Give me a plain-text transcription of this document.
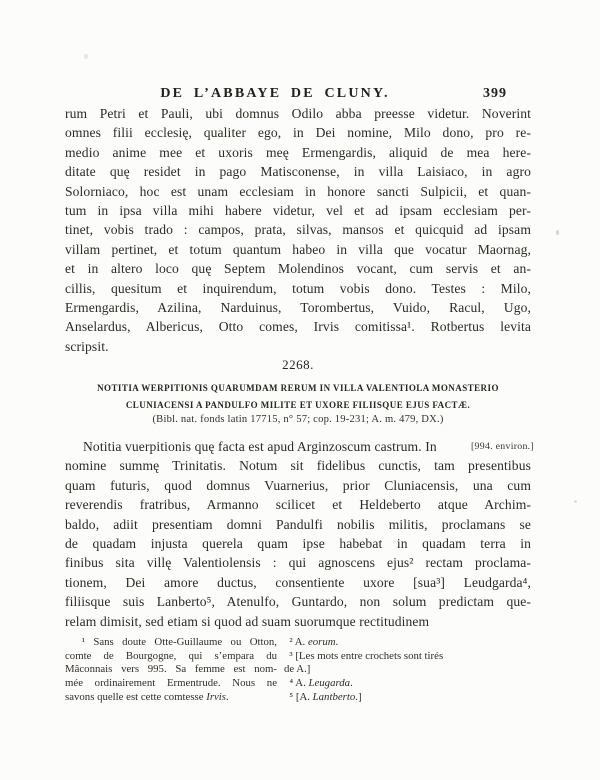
DE L’ABBAYE DE CLUNY.	399
rum Petri et Pauli, ubi domnus Odilo abba preesse videtur. Noverint
omnes filii ecclesię, qualiter ego, in Dei nomine, Milo dono, pro re-
medio anime mee et uxoris meę Ermengardis, aliquid de mea here-
ditate quę residet in pago Matisconense, in villa Laisiaco, in agro
Solorniaco, hoc est unam ecclesiam in honore sancti Sulpicii, et quan-
tum in ipsa villa mihi habere videtur, vel et ad ipsam ecclesiam per-
tinet, vobis trado : campos, prata, silvas, mansos et quicquid ad ipsam
villam pertinet, et totum quantum habeo in villa que vocatur Maornag,
et in altero loco quę Septem Molendinos vocant, cum servis et an-
cillis, quesitum et inquirendum, totum vobis dono. Testes : Milo,
Ermengardis, Azilina, Narduinus, Torombertus, Vuido, Racul, Ugo,
Anselardus, Albericus, Otto comes, Irvis comitissa¹. Rotbertus levita
scripsit.
2268.
NOTITIA WERPITIONIS QUARUMDAM RERUM IN VILLA VALENTIOLA MONASTERIO
CLUNIACENSI A PANDULFO MILITE ET UXORE FILIISQUE EJUS FACTÆ.
(Bibl. nat. fonds latin 17715, n° 57; cop. 19-231; A. m. 479, DX.)
[994. environ.]
Notitia vuerpitionis quę facta est apud Arginzoscum castrum. In
nomine summę Trinitatis. Notum sit fidelibus cunctis, tam presentibus
quam futuris, quod domnus Vuarnerius, prior Cluniacensis, una cum
reverendis fratribus, Armanno scilicet et Heldeberto atque Archim-
baldo, adiit presentiam domni Pandulfi nobilis militis, proclamans se
de quadam injusta querela quam ipse habebat in quadam terra in
finibus sita villę Valentiolensis : qui agnoscens ejus² rectam proclama-
tionem, Dei amore ductus, consentiente uxore [sua³] Leudgarda⁴,
filiisque suis Lanberto⁵, Atenulfo, Guntardo, non solum predictam que-
relam dimisit, sed etiam si quod ad suam suorumque rectitudinem
¹ Sans doute Otte-Guillaume ou Otton,
comte de Bourgogne, qui s’empara du
Mâconnais vers 995. Sa femme est nom-
mée ordinairement Ermentrude. Nous ne
savons quelle est cette comtesse Irvis.
² A. eorum.
³ [Les mots entre crochets sont tirés
de A.]
⁴ A. Leugarda.
⁵ [A. Lantberto.]
